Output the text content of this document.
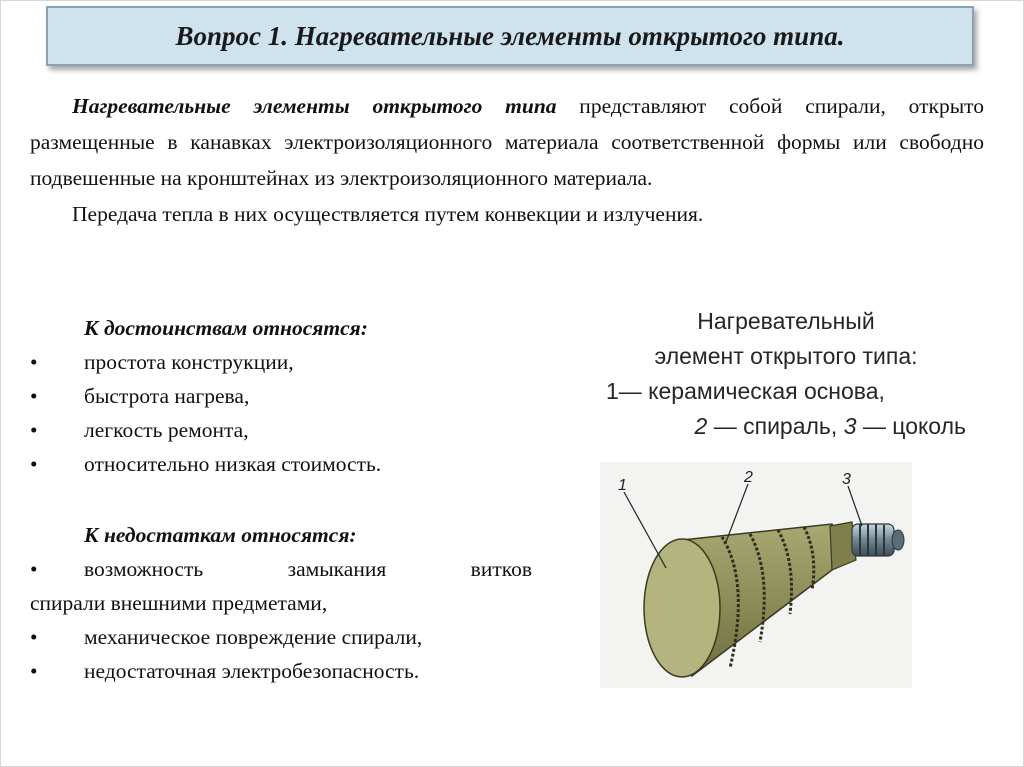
Вопрос 1. Нагревательные элементы открытого типа.

Нагревательные элементы открытого типа представляют собой спирали, открыто размещенные в канавках электроизоляционного материала соответственной формы или свободно подвешенные на кронштейнах из электроизоляционного материала.

Передача тепла в них осуществляется путем конвекции и излучения.

К достоинствам относятся:
• простота конструкции,
• быстрота нагрева,
• легкость ремонта,
• относительно низкая стоимость.
К недостаткам относятся:
• возможность замыкания витков
спирали внешними предметами,
• механическое повреждение спирали,
• недостаточная электробезопасность.
Нагревательный
элемент открытого типа:
1— керамическая основа,
2 — спираль, 3 — цоколь
1	2	3
